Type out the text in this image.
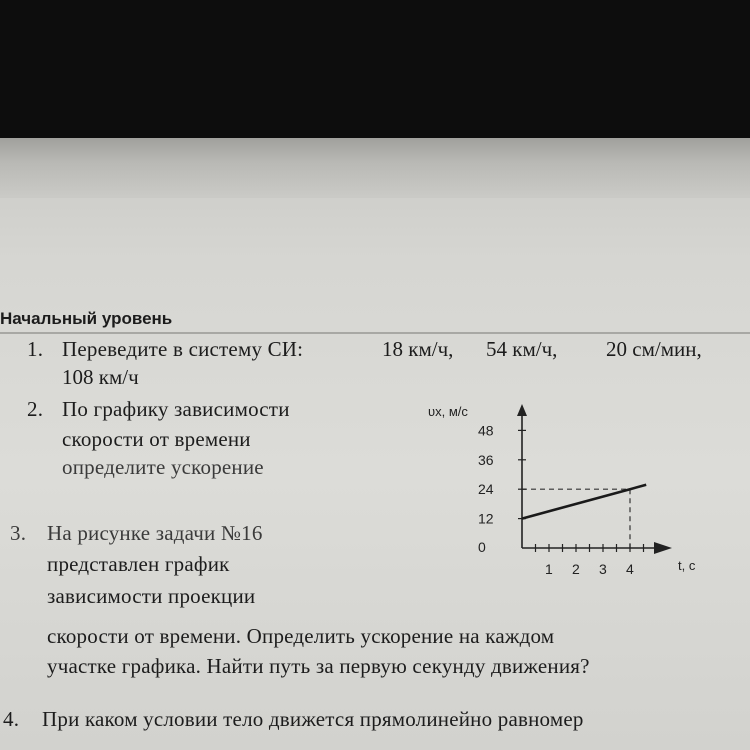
Начальный уровень
1. Переведите в систему СИ:	18 км/ч, 54 км/ч, 20 см/мин,
108 км/ч
2. По графику зависимости
скорости от времени
определите ускорение
3. На рисунке задачи №16
представлен график
зависимости проекции
скорости от времени. Определить ускорение на каждом
участке графика. Найти путь за первую секунду движения?
4. При каком условии тело движется прямолинейно равномер
48
36
24
12
0
1 2 3 4
υx, м/с
t, с
